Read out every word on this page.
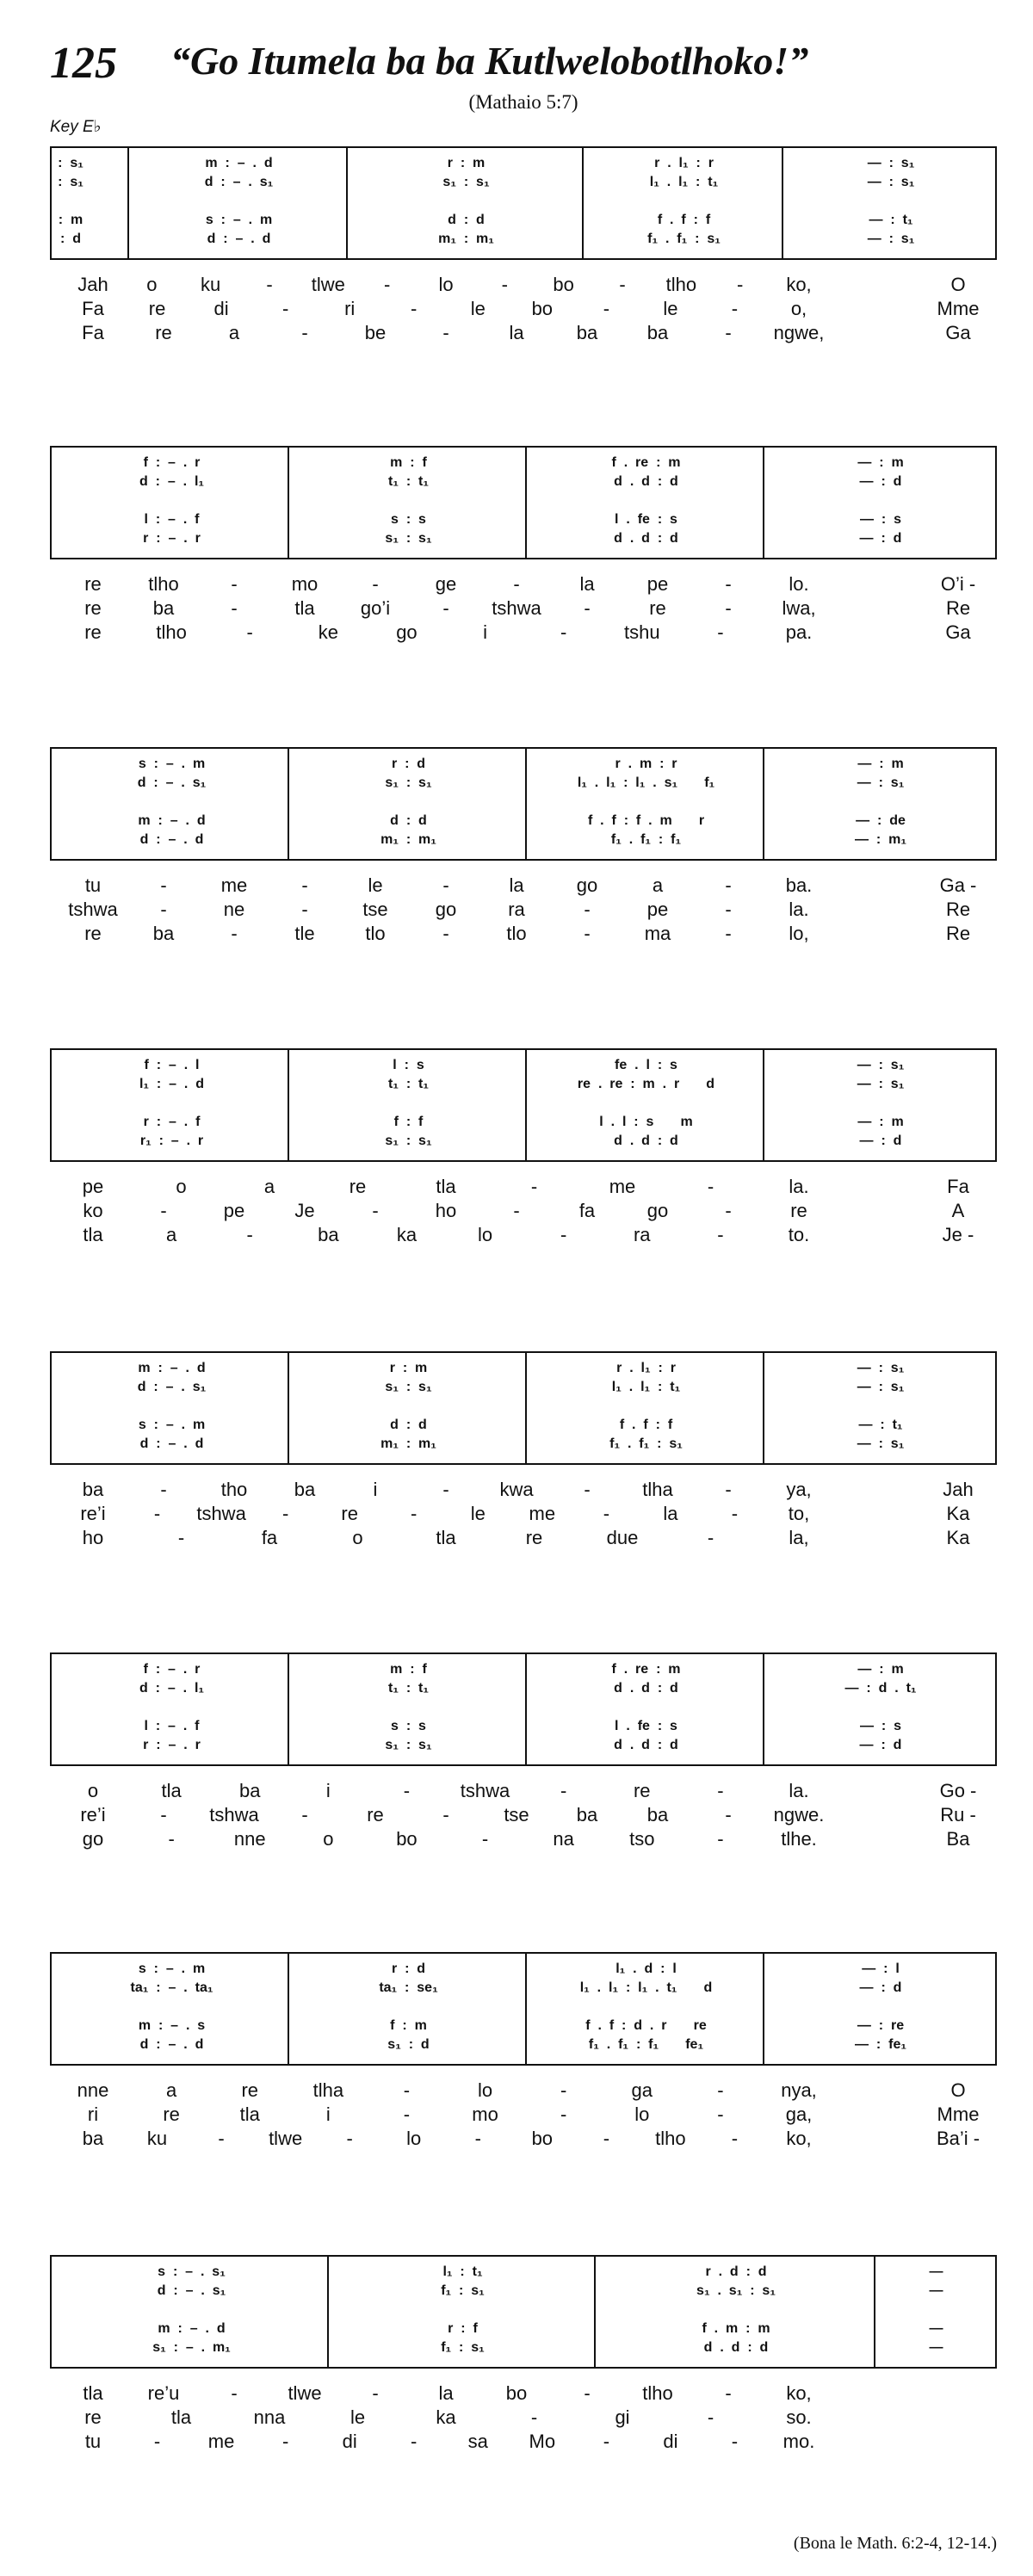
125 “Go Itumela ba ba Kutlwelobotlhoko!”
(Mathaio 5:7)
Key E♭
:  s₁	m  :  –  .  d	r  :  m	r  .  l₁  :  r	—  :  s₁
:  s₁	d  :  –  .  s₁	s₁  :  s₁	l₁  .  l₁  :  t₁	—  :  s₁
:  m	s  :  –  .  m	d  :  d	f  .  f  :  f	—  :  t₁
:  d	d  :  –  .  d	m₁  :  m₁	f₁  .  f₁  :  s₁	—  :  s₁
Jah o ku - tlwe -	lo	- bo - tlho - ko,	O
Fa re	di	-	ri	-	le bo	-	le	-	o,	Mme
Fa	re	a	-	be	-	la	ba	ba	- ngwe,	Ga
f  :  –  .  r	m  :  f	f  .  re  :  m	—  :  m
d  :  –  .  l₁	t₁  :  t₁	d  .  d  :  d	—  :  d
l  :  –  .  f	s  :  s	l  .  fe  :  s	—  :  s
r  :  –  .  r	s₁  :  s₁	d  .  d  :  d	—  :  d
re tlho	-	mo	-	ge	-	la	pe	-	lo.	O’i -
re	ba	-	tla go’i	- tshwa -	re	-	lwa,	Re
re	tlho	-	ke	go	i	-	tshu	-	pa.	Ga
s  :  –  .  m	r  :  d	r  .  m  :  r	—  :  m
d  :  –  .  s₁	s₁  :  s₁	l₁  .  l₁  :  l₁  .  s₁       f₁	—  :  s₁
m  :  –  .  d	d  :  d	f  .  f  :  f  .  m       r	—  :  de
d  :  –  .  d	m₁  :  m₁	f₁  .  f₁  :  f₁	—  :  m₁
tu	-	me	-	le	-	la	go	a	-	ba.	Ga -
tshwa -	ne	-	tse	go	ra	-	pe	-	la.	Re
re	ba	-	tle	tlo	-	tlo	-	ma	-	lo,	Re
f  :  –  .  l	l  :  s	fe  .  l  :  s	—  :  s₁
l₁  :  –  .  d	t₁  :  t₁	re  .  re  :  m  .  r       d	—  :  s₁
r  :  –  .  f	f  :  f	l  .  l  :  s       m	—  :  m
r₁  :  –  .  r	s₁  :  s₁	d  .  d  :  d	—  :  d
pe	o	a	re	tla	-	me	-	la.	Fa
ko	-	pe	Je	-	ho	-	fa	go	-	re	A
tla	a	-	ba	ka	lo	-	ra	-	to.	Je -
m  :  –  .  d	r  :  m	r  .  l₁  :  r	—  :  s₁
d  :  –  .  s₁	s₁  :  s₁	l₁  .  l₁  :  t₁	—  :  s₁
s  :  –  .  m	d  :  d	f  .  f  :  f	—  :  t₁
d  :  –  .  d	m₁  :  m₁	f₁  .  f₁  :  s₁	—  :  s₁
ba	-	tho ba	i	-	kwa	-	tlha	-	ya,	Jah
re’i	- tshwa -	re	-	le me	-	la	-	to,	Ka
ho	-	fa	o	tla	re	due	-	la,	Ka
f  :  –  .  r	m  :  f	f  .  re  :  m	—  :  m
d  :  –  .  l₁	t₁  :  t₁	d  .  d  :  d	—  :  d  .  t₁
l  :  –  .  f	s  :  s	l  .  fe  :  s	—  :  s
r  :  –  .  r	s₁  :  s₁	d  .  d  :  d	—  :  d
o	tla	ba	i	-	tshwa	-	re	-	la.	Go -
re’i	- tshwa -	re	-	tse	ba	ba	- ngwe.	Ru -
go	-	nne	o	bo	-	na	tso	-	tlhe.	Ba
s  :  –  .  m	r  :  d	l₁  .  d  :  l	—  :  l
ta₁  :  –  .  ta₁	ta₁  :  se₁	l₁  .  l₁  :  l₁  .  t₁       d	—  :  d
m  :  –  .  s	f  :  m	f  .  f  :  d  .  r       re	—  :  re
d  :  –  .  d	s₁  :  d	f₁  .  f₁  :  f₁       fe₁	—  :  fe₁
nne	a	re	tlha	-	lo	-	ga	-	nya,	O
ri	re	tla	i	-	mo	-	lo	-	ga,	Mme
ba ku	- tlwe -	lo	-	bo	- tlho -	ko,	Ba’i -
s  :  –  .  s₁	l₁  :  t₁	r  .  d  :  d	—
d  :  –  .  s₁	f₁  :  s₁	s₁  .  s₁  :  s₁	—
m  :  –  .  d	r  :  f	f  .  m  :  m	—
s₁  :  –  .  m₁	f₁  :  s₁	d  .  d  :  d	—
tla re’u	-	tlwe	-	la	bo	-	tlho	-	ko,
re	tla	nna	le	ka	-	gi	-	so.
tu	-	me	-	di	-	sa Mo	-	di	- mo.
(Bona le Math. 6:2-4, 12-14.)
